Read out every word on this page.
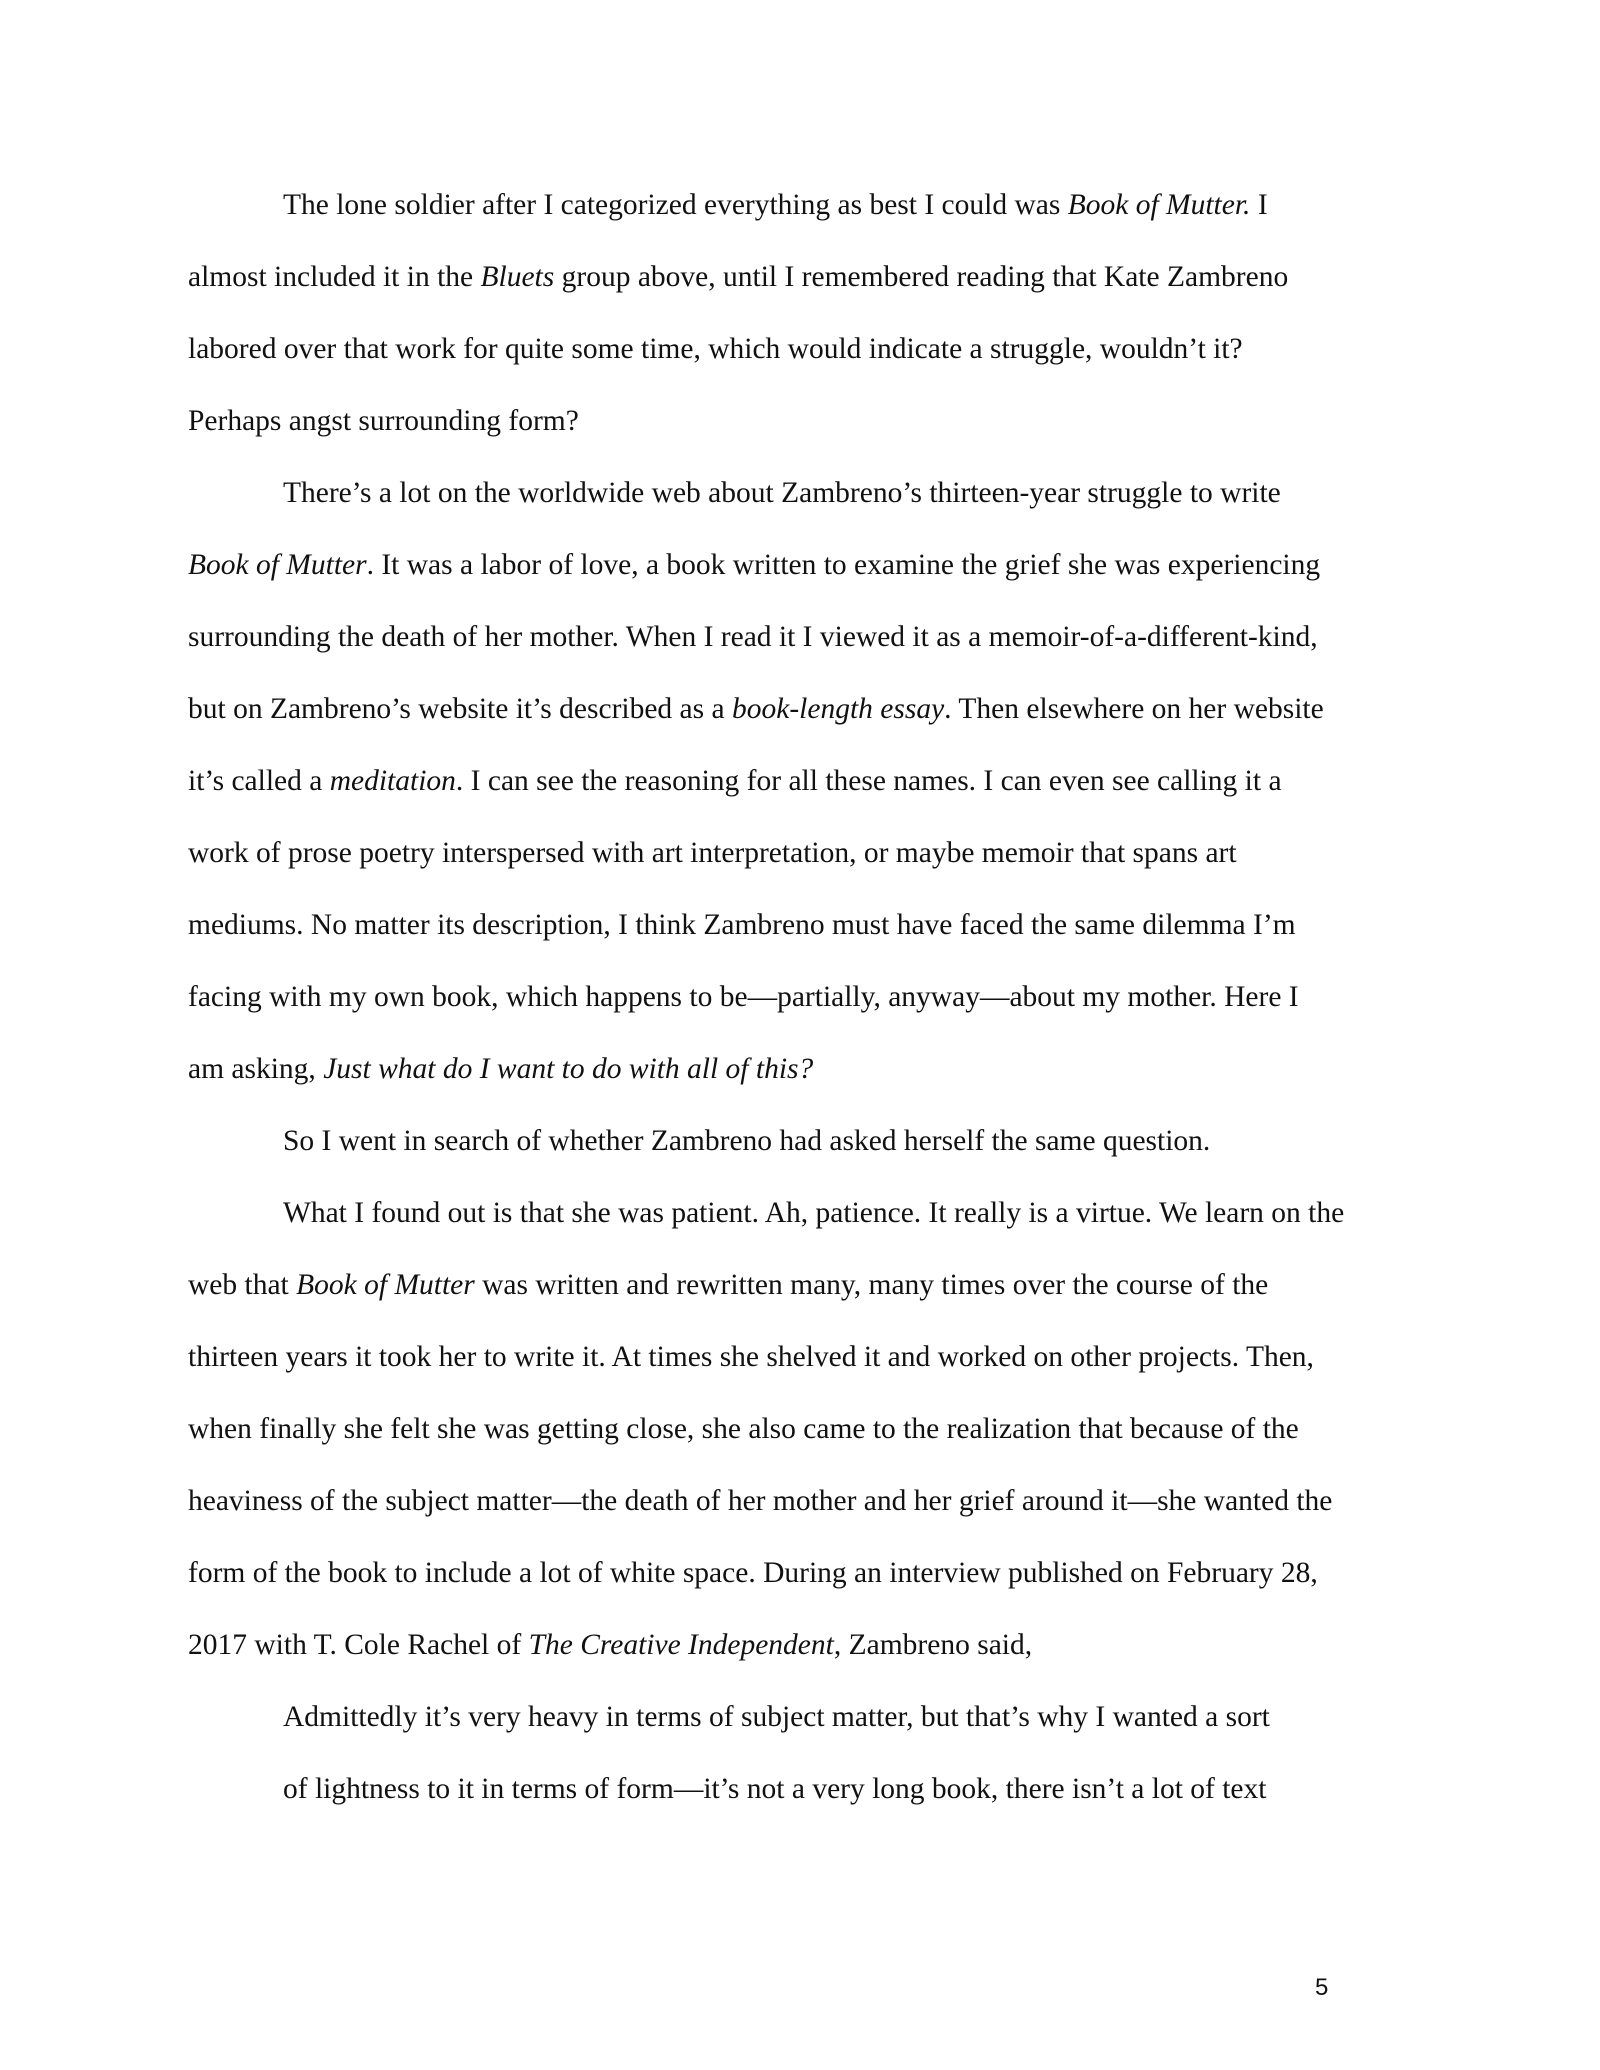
The lone soldier after I categorized everything as best I could was Book of Mutter. I
almost included it in the Bluets group above, until I remembered reading that Kate Zambreno
labored over that work for quite some time, which would indicate a struggle, wouldn’t it?
Perhaps angst surrounding form?
There’s a lot on the worldwide web about Zambreno’s thirteen-year struggle to write
Book of Mutter. It was a labor of love, a book written to examine the grief she was experiencing
surrounding the death of her mother. When I read it I viewed it as a memoir-of-a-different-kind,
but on Zambreno’s website it’s described as a book-length essay. Then elsewhere on her website
it’s called a meditation. I can see the reasoning for all these names. I can even see calling it a
work of prose poetry interspersed with art interpretation, or maybe memoir that spans art
mediums. No matter its description, I think Zambreno must have faced the same dilemma I’m
facing with my own book, which happens to be—partially, anyway—about my mother. Here I
am asking, Just what do I want to do with all of this?
So I went in search of whether Zambreno had asked herself the same question.
What I found out is that she was patient. Ah, patience. It really is a virtue. We learn on the
web that Book of Mutter was written and rewritten many, many times over the course of the
thirteen years it took her to write it. At times she shelved it and worked on other projects. Then,
when finally she felt she was getting close, she also came to the realization that because of the
heaviness of the subject matter—the death of her mother and her grief around it—she wanted the
form of the book to include a lot of white space. During an interview published on February 28,
2017 with T. Cole Rachel of The Creative Independent, Zambreno said,
Admittedly it’s very heavy in terms of subject matter, but that’s why I wanted a sort
of lightness to it in terms of form—it’s not a very long book, there isn’t a lot of text
5
